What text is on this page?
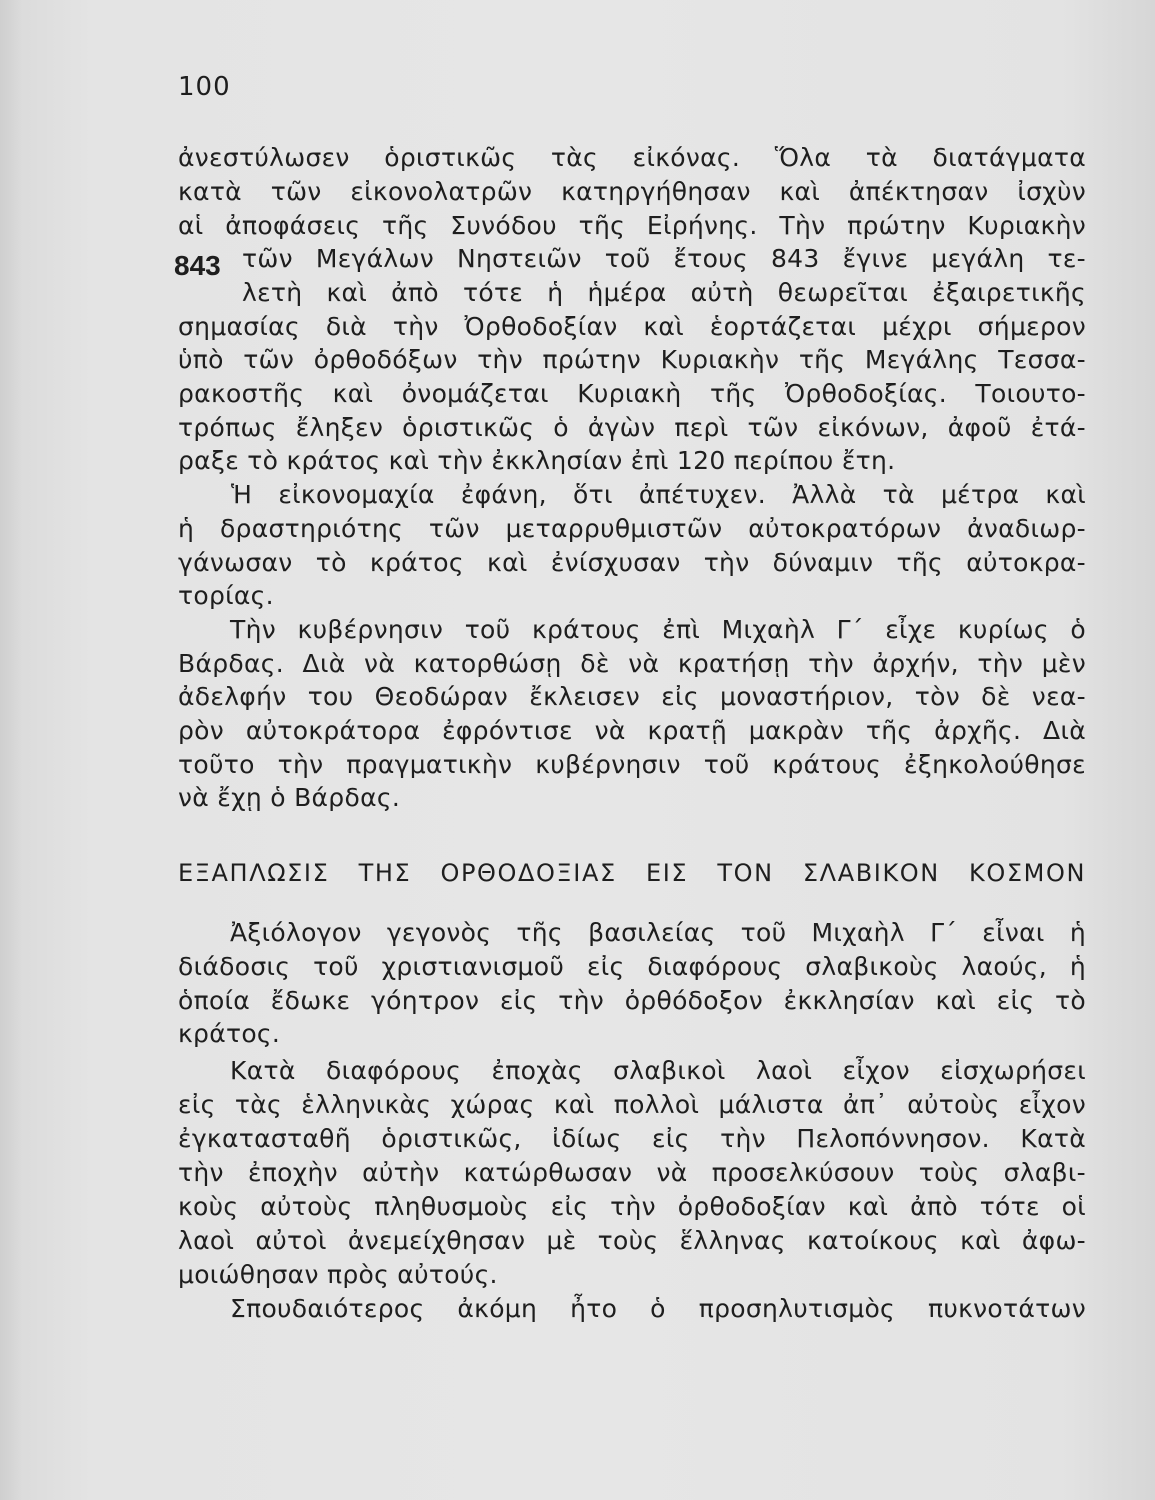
100
843
ἀνεστύλωσεν ὁριστικῶς τὰς εἰκόνας. Ὅλα τὰ διατάγματα
κατὰ τῶν εἰκονολατρῶν κατηργήθησαν καὶ ἀπέκτησαν ἰσχὺν
αἱ ἀποφάσεις τῆς Συνόδου τῆς Εἰρήνης. Τὴν πρώτην Κυριακὴν
τῶν Μεγάλων Νηστειῶν τοῦ ἔτους 843 ἔγινε μεγάλη τε-
λετὴ καὶ ἀπὸ τότε ἡ ἡμέρα αὐτὴ θεωρεῖται ἐξαιρετικῆς
σημασίας διὰ τὴν Ὀρθοδοξίαν καὶ ἑορτάζεται μέχρι σήμερον
ὑπὸ τῶν ὀρθοδόξων τὴν πρώτην Κυριακὴν τῆς Μεγάλης Τεσσα-
ρακοστῆς καὶ ὀνομάζεται Κυριακὴ τῆς Ὀρθοδοξίας. Τοιουτο-
τρόπως ἔληξεν ὁριστικῶς ὁ ἀγὼν περὶ τῶν εἰκόνων, ἀφοῦ ἐτά-
ραξε τὸ κράτος καὶ τὴν ἐκκλησίαν ἐπὶ 120 περίπου ἔτη.
Ἡ εἰκονομαχία ἐφάνη, ὅτι ἀπέτυχεν. Ἀλλὰ τὰ μέτρα καὶ
ἡ δραστηριότης τῶν μεταρρυθμιστῶν αὐτοκρατόρων ἀναδιωρ-
γάνωσαν τὸ κράτος καὶ ἐνίσχυσαν τὴν δύναμιν τῆς αὐτοκρα-
τορίας.
Τὴν κυβέρνησιν τοῦ κράτους ἐπὶ Μιχαὴλ Γ΄ εἶχε κυρίως ὁ
Βάρδας. Διὰ νὰ κατορθώσῃ δὲ νὰ κρατήσῃ τὴν ἀρχήν, τὴν μὲν
ἀδελφήν του Θεοδώραν ἔκλεισεν εἰς μοναστήριον, τὸν δὲ νεα-
ρὸν αὐτοκράτορα ἐφρόντισε νὰ κρατῇ μακρὰν τῆς ἀρχῆς. Διὰ
τοῦτο τὴν πραγματικὴν κυβέρνησιν τοῦ κράτους ἐξηκολούθησε
νὰ ἔχῃ ὁ Βάρδας.
ΕΞΑΠΛΩΣΙΣ ΤΗΣ ΟΡΘΟΔΟΞΙΑΣ ΕΙΣ ΤΟΝ ΣΛΑΒΙΚΟΝ ΚΟΣΜΟΝ
Ἀξιόλογον γεγονὸς τῆς βασιλείας τοῦ Μιχαὴλ Γ΄ εἶναι ἡ
διάδοσις τοῦ χριστιανισμοῦ εἰς διαφόρους σλαβικοὺς λαούς, ἡ
ὁποία ἔδωκε γόητρον εἰς τὴν ὀρθόδοξον ἐκκλησίαν καὶ εἰς τὸ
κράτος.
Κατὰ διαφόρους ἐποχὰς σλαβικοὶ λαοὶ εἶχον εἰσχωρήσει
εἰς τὰς ἑλληνικὰς χώρας καὶ πολλοὶ μάλιστα ἀπ᾽ αὐτοὺς εἶχον
ἐγκατασταθῆ ὁριστικῶς, ἰδίως εἰς τὴν Πελοπόννησον. Κατὰ
τὴν ἐποχὴν αὐτὴν κατώρθωσαν νὰ προσελκύσουν τοὺς σλαβι-
κοὺς αὐτοὺς πληθυσμοὺς εἰς τὴν ὀρθοδοξίαν καὶ ἀπὸ τότε οἱ
λαοὶ αὐτοὶ ἀνεμείχθησαν μὲ τοὺς ἕλληνας κατοίκους καὶ ἀφω-
μοιώθησαν πρὸς αὐτούς.
Σπουδαιότερος ἀκόμη ἦτο ὁ προσηλυτισμὸς πυκνοτάτων
